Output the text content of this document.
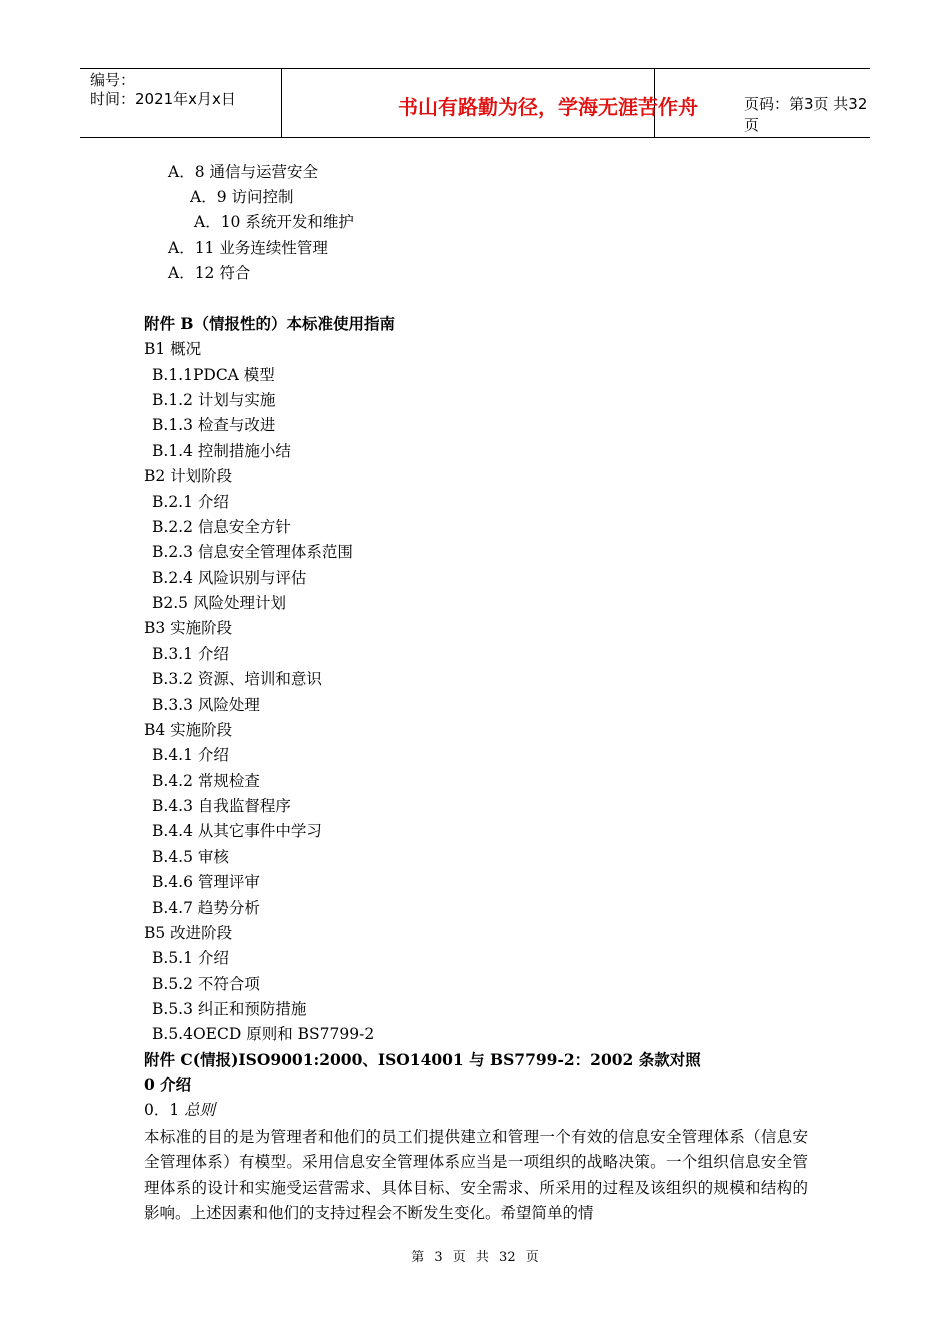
编号：
时间：2021年x月x日	书山有路勤为径，学海无涯苦作舟	页码：第3页 共32页
A．8 通信与运营安全
A．9 访问控制
A．10 系统开发和维护
A．11 业务连续性管理
A．12 符合
附件 B（情报性的）本标准使用指南
B1 概况
B.1.1PDCA 模型
B.1.2 计划与实施
B.1.3 检查与改进
B.1.4 控制措施小结
B2 计划阶段
B.2.1 介绍
B.2.2 信息安全方针
B.2.3 信息安全管理体系范围
B.2.4 风险识别与评估
B2.5 风险处理计划
B3 实施阶段
B.3.1 介绍
B.3.2 资源、培训和意识
B.3.3 风险处理
B4 实施阶段
B.4.1 介绍
B.4.2 常规检查
B.4.3 自我监督程序
B.4.4 从其它事件中学习
B.4.5 审核
B.4.6 管理评审
B.4.7 趋势分析
B5 改进阶段
B.5.1 介绍
B.5.2 不符合项
B.5.3 纠正和预防措施
B.5.4OECD 原则和 BS7799-2
附件 C(情报)ISO9001:2000、ISO14001 与 BS7799-2：2002 条款对照
0 介绍
0．1 总则
本标准的目的是为管理者和他们的员工们提供建立和管理一个有效的信息安全管理体系（信息安全管理体系）有模型。采用信息安全管理体系应当是一项组织的战略决策。一个组织信息安全管理体系的设计和实施受运营需求、具体目标、安全需求、所采用的过程及该组织的规模和结构的影响。上述因素和他们的支持过程会不断发生变化。希望简单的情
第 3 页 共 32 页
